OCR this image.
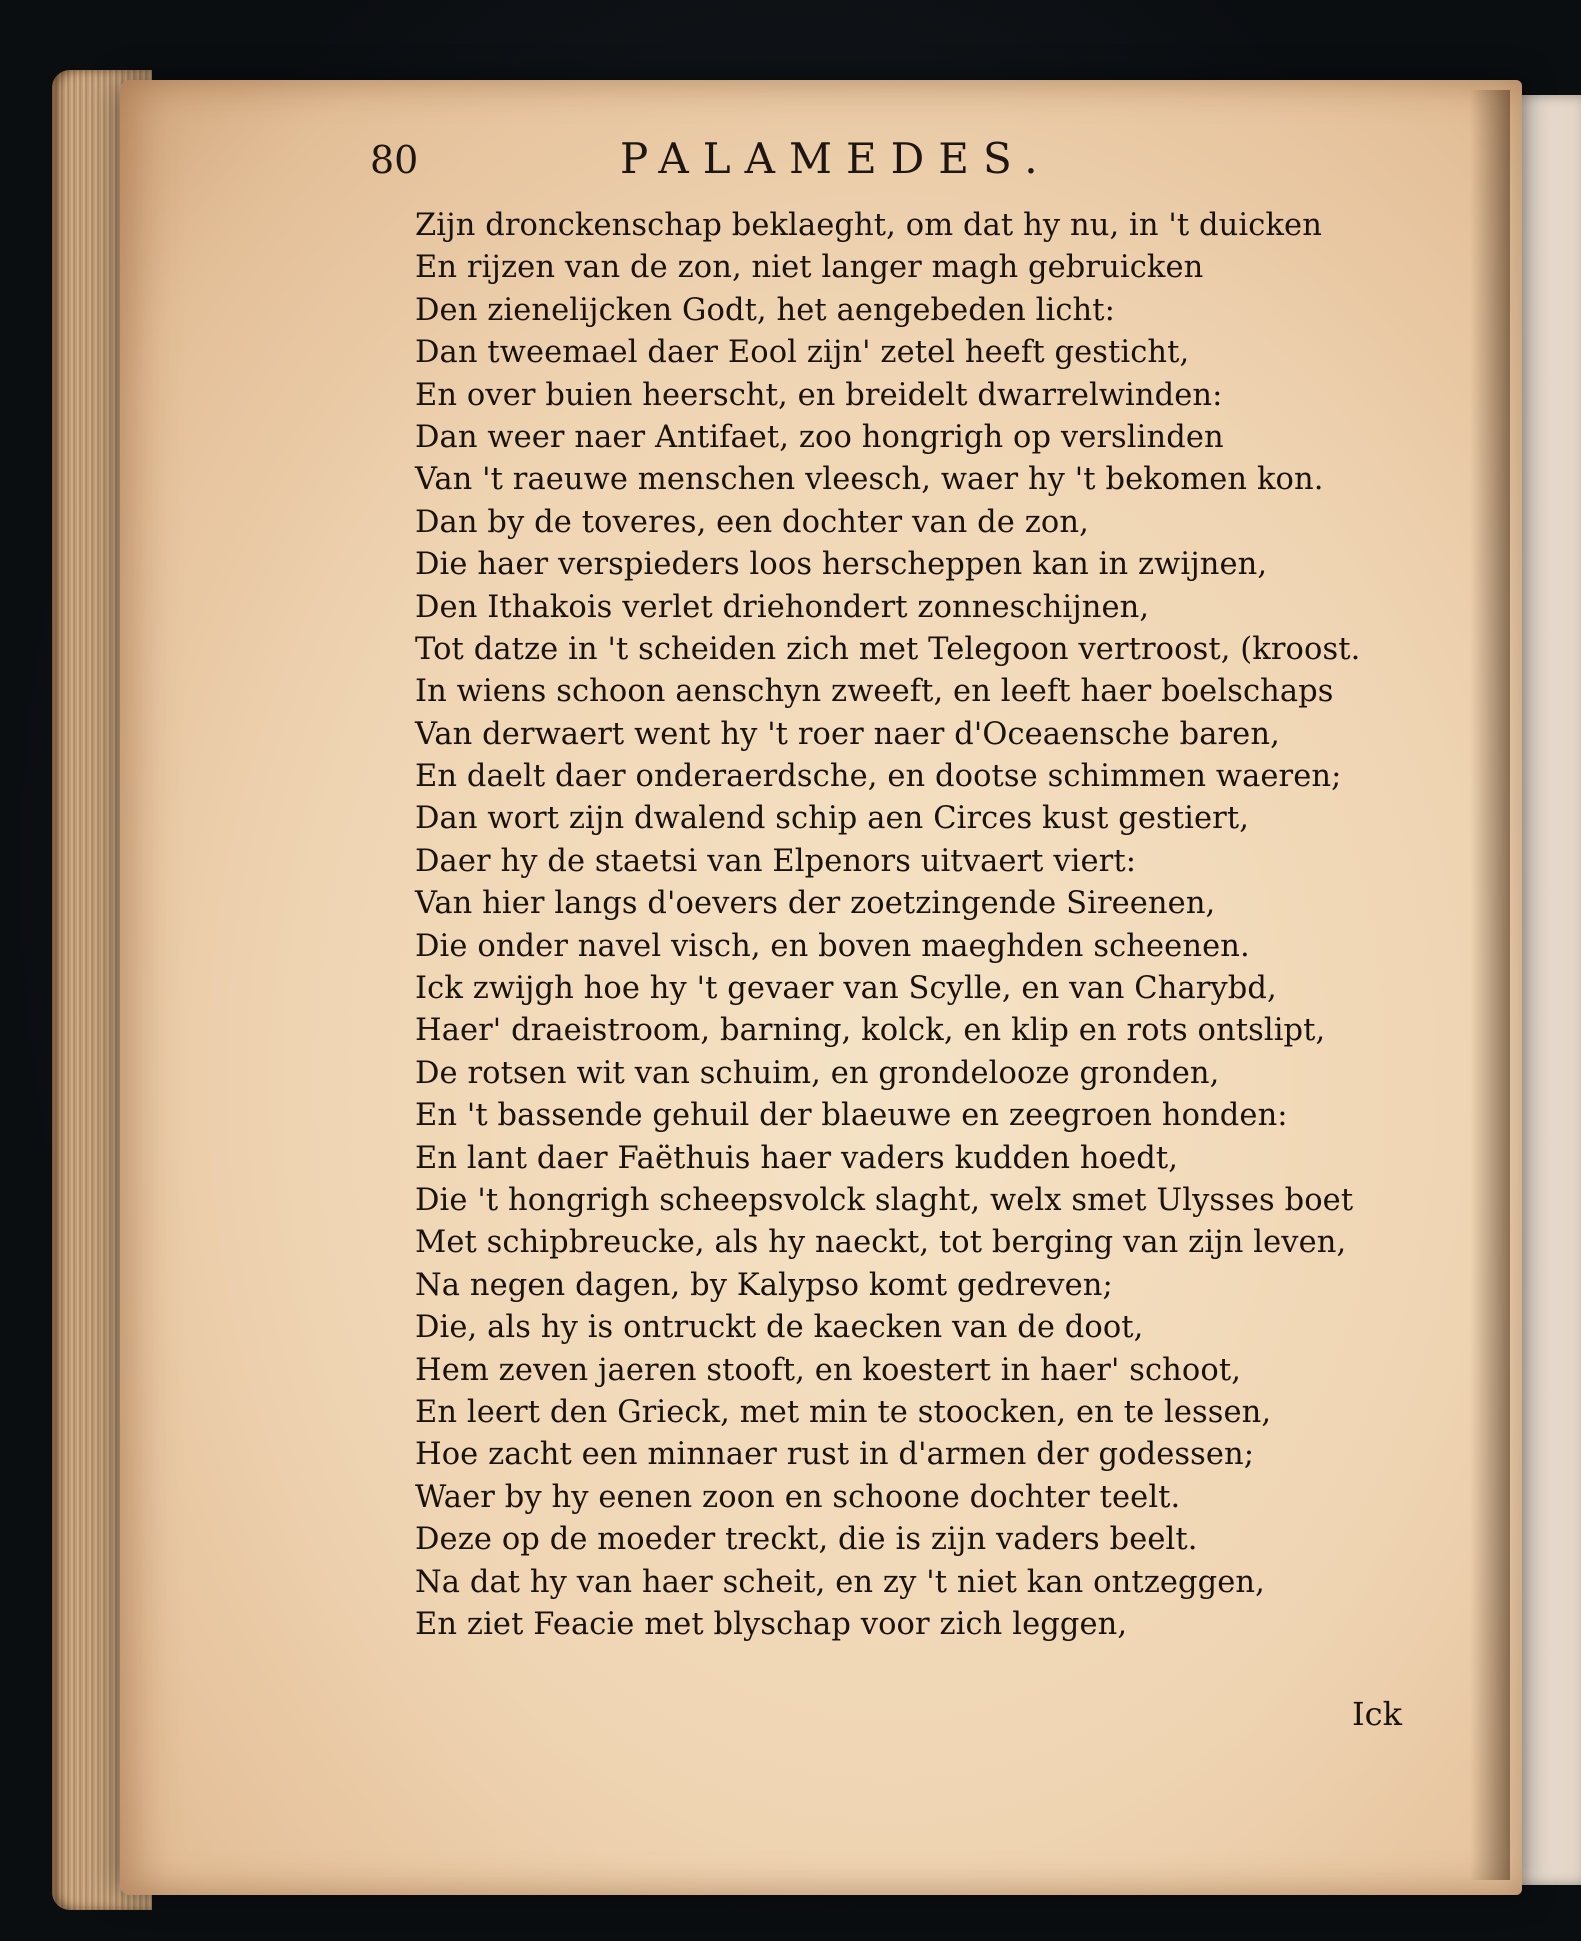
80	PALAMEDES.
Zijn dronckenschap beklaeght, om dat hy nu, in 't duicken
En rijzen van de zon, niet langer magh gebruicken
Den zienelijcken Godt, het aengebeden licht:
Dan tweemael daer Eool zijn' zetel heeft gesticht,
En over buien heerscht, en breidelt dwarrelwinden:
Dan weer naer Antifaet, zoo hongrigh op verslinden
Van 't raeuwe menschen vleesch, waer hy 't bekomen kon.
Dan by de toveres, een dochter van de zon,
Die haer verspieders loos herscheppen kan in zwijnen,
Den Ithakois verlet driehondert zonneschijnen,
Tot datze in 't scheiden zich met Telegoon vertroost, (kroost.
In wiens schoon aenschyn zweeft, en leeft haer boelschaps
Van derwaert went hy 't roer naer d'Oceaensche baren,
En daelt daer onderaerdsche, en dootse schimmen waeren;
Dan wort zijn dwalend schip aen Circes kust gestiert,
Daer hy de staetsi van Elpenors uitvaert viert:
Van hier langs d'oevers der zoetzingende Sireenen,
Die onder navel visch, en boven maeghden scheenen.
Ick zwijgh hoe hy 't gevaer van Scylle, en van Charybd,
Haer' draeistroom, barning, kolck, en klip en rots ontslipt,
De rotsen wit van schuim, en grondelooze gronden,
En 't bassende gehuil der blaeuwe en zeegroen honden:
En lant daer Faëthuis haer vaders kudden hoedt,
Die 't hongrigh scheepsvolck slaght, welx smet Ulysses boet
Met schipbreucke, als hy naeckt, tot berging van zijn leven,
Na negen dagen, by Kalypso komt gedreven;
Die, als hy is ontruckt de kaecken van de doot,
Hem zeven jaeren stooft, en koestert in haer' schoot,
En leert den Grieck, met min te stoocken, en te lessen,
Hoe zacht een minnaer rust in d'armen der godessen;
Waer by hy eenen zoon en schoone dochter teelt.
Deze op de moeder treckt, die is zijn vaders beelt.
Na dat hy van haer scheit, en zy 't niet kan ontzeggen,
En ziet Feacie met blyschap voor zich leggen,
Ick
